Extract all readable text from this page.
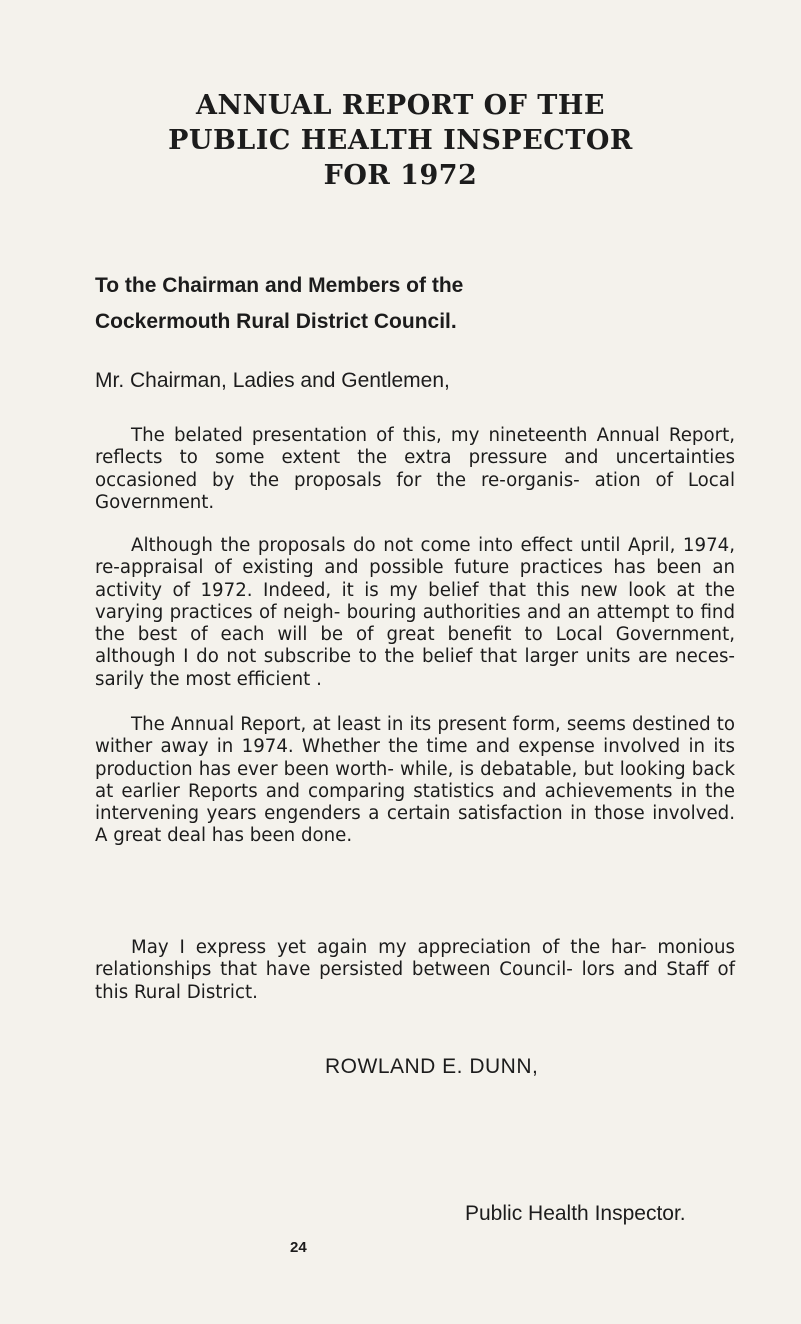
ANNUAL REPORT OF THE
PUBLIC HEALTH INSPECTOR
FOR 1972
To the Chairman and Members of the
Cockermouth Rural District Council.
Mr. Chairman, Ladies and Gentlemen,

The belated presentation of this, my nineteenth Annual Report, reflects to some extent the extra pressure and uncertainties occasioned by the proposals for the re-organis- ation of Local Government.

Although the proposals do not come into effect until April, 1974, re-appraisal of existing and possible future practices has been an activity of 1972. Indeed, it is my belief that this new look at the varying practices of neigh- bouring authorities and an attempt to find the best of each will be of great benefit to Local Government, although I do not subscribe to the belief that larger units are neces- sarily the most efficient .

The Annual Report, at least in its present form, seems destined to wither away in 1974. Whether the time and expense involved in its production has ever been worth- while, is debatable, but looking back at earlier Reports and comparing statistics and achievements in the intervening years engenders a certain satisfaction in those involved. A great deal has been done.

May I express yet again my appreciation of the har- monious relationships that have persisted between Council- lors and Staff of this Rural District.

ROWLAND E. DUNN,
Public Health Inspector.
24
